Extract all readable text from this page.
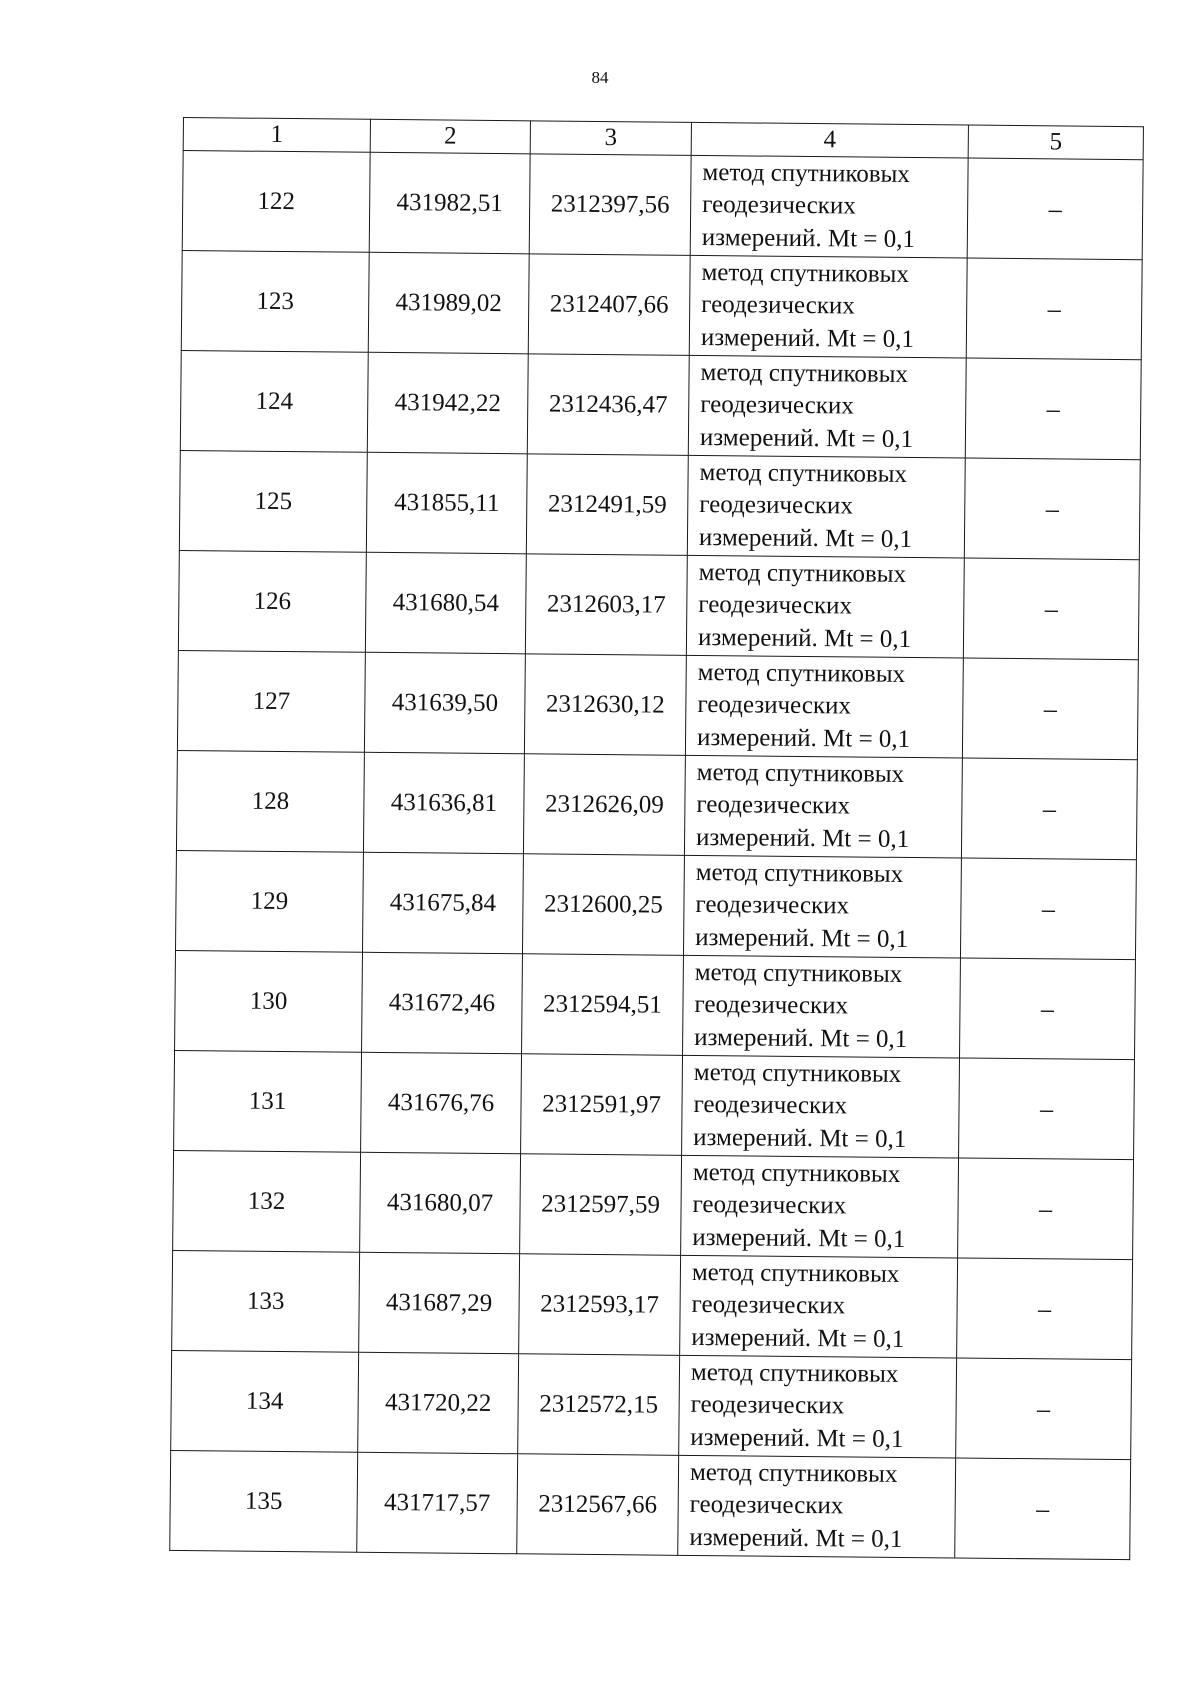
84
1	2	3	4	5
122	431982,51	2312397,56	метод спутниковых
геодезических
измерений. Mt = 0,1	–
123	431989,02	2312407,66	метод спутниковых
геодезических
измерений. Mt = 0,1	–
124	431942,22	2312436,47	метод спутниковых
геодезических
измерений. Mt = 0,1	–
125	431855,11	2312491,59	метод спутниковых
геодезических
измерений. Mt = 0,1	–
126	431680,54	2312603,17	метод спутниковых
геодезических
измерений. Mt = 0,1	–
127	431639,50	2312630,12	метод спутниковых
геодезических
измерений. Mt = 0,1	–
128	431636,81	2312626,09	метод спутниковых
геодезических
измерений. Mt = 0,1	–
129	431675,84	2312600,25	метод спутниковых
геодезических
измерений. Mt = 0,1	–
130	431672,46	2312594,51	метод спутниковых
геодезических
измерений. Mt = 0,1	–
131	431676,76	2312591,97	метод спутниковых
геодезических
измерений. Mt = 0,1	–
132	431680,07	2312597,59	метод спутниковых
геодезических
измерений. Mt = 0,1	–
133	431687,29	2312593,17	метод спутниковых
геодезических
измерений. Mt = 0,1	–
134	431720,22	2312572,15	метод спутниковых
геодезических
измерений. Mt = 0,1	–
135	431717,57	2312567,66	метод спутниковых
геодезических
измерений. Mt = 0,1	–
